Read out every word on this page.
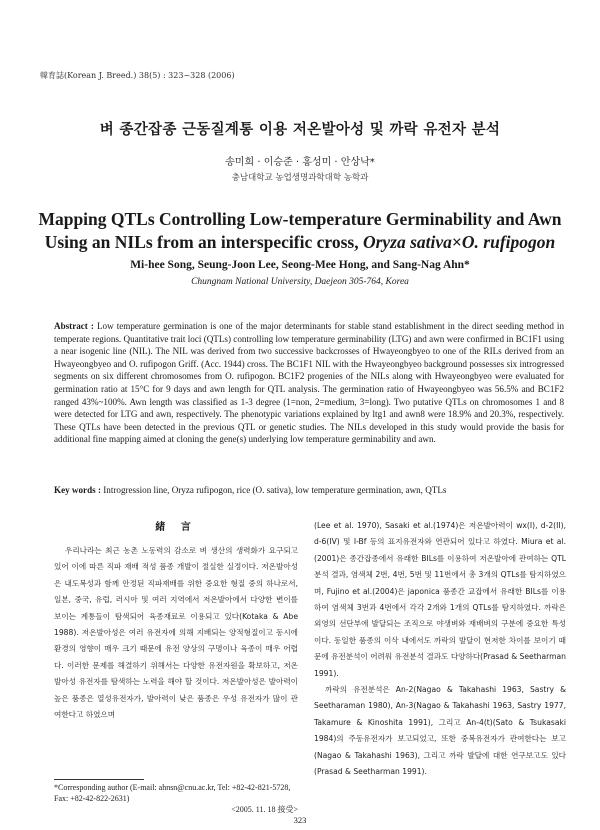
韓育誌(Korean J. Breed.) 38(5) : 323~328 (2006)
벼 종간잡종 근동질계통 이용 저온발아성 및 까락 유전자 분석
송미희 · 이승준 · 홍성미 · 안상낙*
충남대학교 농업생명과학대학 농학과
Mapping QTLs Controlling Low-temperature Germinability and Awn
Using an NILs from an interspecific cross, Oryza sativa×O. rufipogon
Mi-hee Song, Seung-Joon Lee, Seong-Mee Hong, and Sang-Nag Ahn*
Chungnam National University, Daejeon 305-764, Korea
Abstract : Low temperature germination is one of the major determinants for stable stand establishment in the direct seeding method in temperate regions. Quantitative trait loci (QTLs) controlling low temperature germinability (LTG) and awn were confirmed in BC1F1 using a near isogenic line (NIL). The NIL was derived from two successive backcrosses of Hwayeongbyeo to one of the RILs derived from an Hwayeongbyeo and O. rufipogon Griff. (Acc. 1944) cross. The BC1F1 NIL with the Hwayeongbyeo background possesses six introgressed segments on six different chromosomes from O. rufipogon. BC1F2 progenies of the NILs along with Hwayeongbyeo were evaluated for germination ratio at 15°C for 9 days and awn length for QTL analysis. The germination ratio of Hwayeongbyeo was 56.5% and BC1F2 ranged 43%~100%. Awn length was classified as 1-3 degree (1=non, 2=medium, 3=long). Two putative QTLs on chromosomes 1 and 8 were detected for LTG and awn, respectively. The phenotypic variations explained by ltg1 and awn8 were 18.9% and 20.3%, respectively. These QTLs have been detected in the previous QTL or genetic studies. The NILs developed in this study would provide the basis for additional fine mapping aimed at cloning the gene(s) underlying low temperature germinability and awn.
Key words : Introgression line, Oryza rufipogon, rice (O. sativa), low temperature germination, awn, QTLs
緒 言

우리나라는 최근 농촌 노동력의 감소로 벼 생산의 생력화가 요구되고 있어 이에 따른 직파 재배 적성 품종 개발이 절실한 실정이다. 저온발아성은 내도복성과 함께 안정된 직파재배를 위한 중요한 형질 중의 하나로서, 일본, 중국, 유럽, 러시아 및 여러 지역에서 저온발아에서 다양한 변이를 보이는 계통들이 탐색되어 육종재료로 이용되고 있다(Kotaka & Abe 1988). 저온발아성은 여러 유전자에 의해 지배되는 양적형질이고 동시에 환경의 영향이 매우 크기 때문에 유전 양상의 구명이나 육종이 매우 어렵다. 이러한 문제를 해결하기 위해서는 다양한 유전자원을 확보하고, 저온발아성 유전자를 탐색하는 노력을 해야 할 것이다. 저온발아성은 발아력이 높은 품종은 열성유전자가, 발아력이 낮은 품종은 우성 유전자가 많이 관여한다고 하였으며

(Lee et al. 1970), Sasaki et al.(1974)은 저온발아력이 wx(I), d-2(II), d-6(IV) 및 I-Bf 등의 표지유전자와 연관되어 있다고 하였다. Miura et al.(2001)은 종간잡종에서 유래한 BILs를 이용하여 저온발아에 관여하는 QTL 분석 결과, 염색체 2번, 4번, 5번 및 11번에서 총 3개의 QTLs를 탐지하였으며, Fujino et al.(2004)은 japonica 품종간 교잡에서 유래한 BILs를 이용하여 염색체 3번과 4번에서 각각 2개와 1개의 QTLs를 탐지하였다. 까락은 외영의 선단부에 발달되는 조직으로 야생벼와 재배벼의 구분에 중요한 특성이다. 동일한 품종의 이삭 내에서도 까락의 발달이 현저한 차이를 보이기 때문에 유전분석이 어려워 유전분석 결과도 다양하다(Prasad & Seetharman 1991).

까락의 유전분석은 An-2(Nagao & Takahashi 1963, Sastry & Seetharaman 1980), An-3(Nagao & Takahashi 1963, Sastry 1977, Takamure & Kinoshita 1991), 그리고 An-4(t)(Sato & Tsukasaki 1984)의 주동유전자가 보고되었고, 또한 중복유전자가 관여한다는 보고(Nagao & Takahashi 1963), 그리고 까락 발달에 대한 연구보고도 있다(Prasad & Seetharman 1991).

*Corresponding author (E-mail: ahnsn@cnu.ac.kr, Tel: +82-42-821-5728, Fax: +82-42-822-2631)
<2005. 11. 18 接受>
323
